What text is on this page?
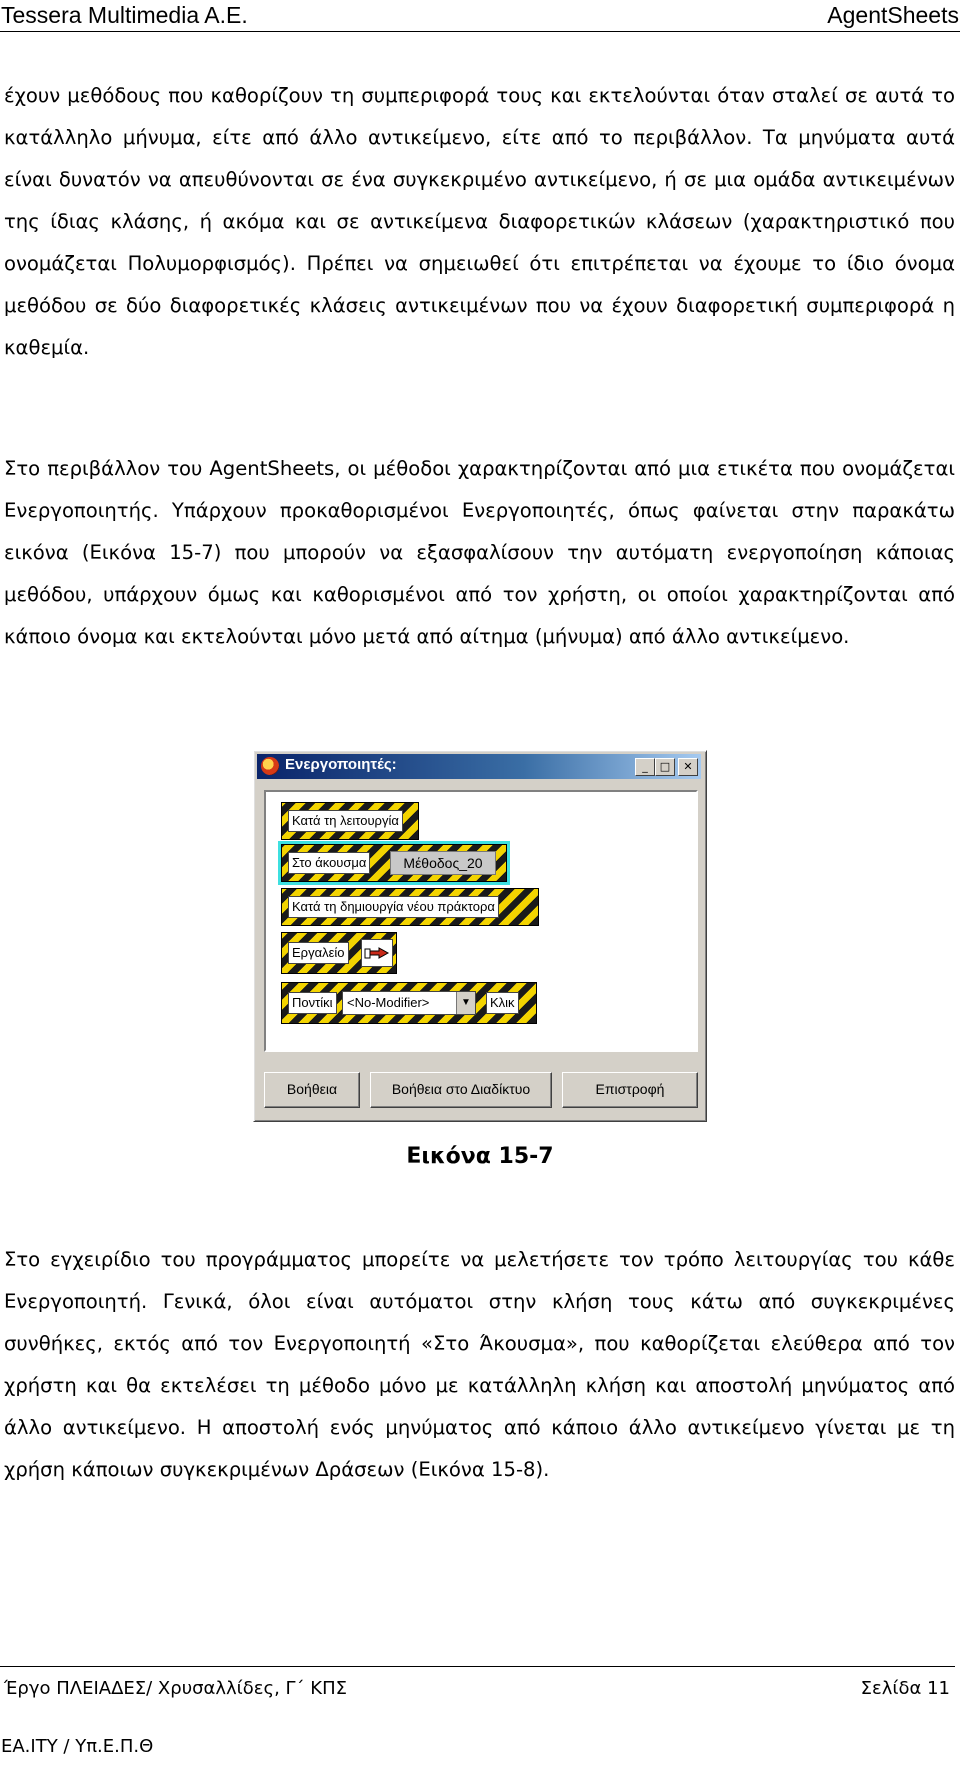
Tessera Multimedia A.E.	AgentSheets

έχουν μεθόδους που καθορίζουν τη συμπεριφορά τους και εκτελούνται όταν σταλεί σε αυτά το κατάλληλο μήνυμα, είτε από άλλο αντικείμενο, είτε από το περιβάλλον. Τα μηνύματα αυτά είναι δυνατόν να απευθύνονται σε ένα συγκεκριμένο αντικείμενο, ή σε μια ομάδα αντικειμένων της ίδιας κλάσης, ή ακόμα και σε αντικείμενα διαφορετικών κλάσεων (χαρακτηριστικό που ονομάζεται Πολυμορφισμός). Πρέπει να σημειωθεί ότι επιτρέπεται να έχουμε το ίδιο όνομα μεθόδου σε δύο διαφορετικές κλάσεις αντικειμένων που να έχουν διαφορετική συμπεριφορά η καθεμία.

Στο περιβάλλον του AgentSheets, οι μέθοδοι χαρακτηρίζονται από μια ετικέτα που ονομάζεται Ενεργοποιητής. Υπάρχουν προκαθορισμένοι Ενεργοποιητές, όπως φαίνεται στην παρακάτω εικόνα (Εικόνα 15-7) που μπορούν να εξασφαλίσουν την αυτόματη ενεργοποίηση κάποιας μεθόδου, υπάρχουν όμως και καθορισμένοι από τον χρήστη, οι οποίοι χαρακτηρίζονται από κάποιο όνομα και εκτελούνται μόνο μετά από αίτημα (μήνυμα) από άλλο αντικείμενο.

Ενεργοποιητές:	_	□	✕
Κατά τη λειτουργία
Στο άκουσμα	Μέθοδος_20
Κατά τη δημιουργία νέου πράκτορα
Εργαλείο
Ποντίκι	<No-Modifier>	▼	Κλικ
Βοήθεια	Βοήθεια στο Διαδίκτυο	Επιστροφή

Εικόνα 15-7

Στο εγχειρίδιο του προγράμματος μπορείτε να μελετήσετε τον τρόπο λειτουργίας του κάθε Ενεργοποιητή. Γενικά, όλοι είναι αυτόματοι στην κλήση τους κάτω από συγκεκριμένες συνθήκες, εκτός από τον Ενεργοποιητή «Στο Άκουσμα», που καθορίζεται ελεύθερα από τον χρήστη και θα εκτελέσει τη μέθοδο μόνο με κατάλληλη κλήση και αποστολή μηνύματος από άλλο αντικείμενο. Η αποστολή ενός μηνύματος από κάποιο άλλο αντικείμενο γίνεται με τη χρήση κάποιων συγκεκριμένων Δράσεων (Εικόνα 15-8).

Έργο ΠΛΕΙΑΔΕΣ/ Χρυσαλλίδες, Γ΄ ΚΠΣ	Σελίδα 11
ΕΑ.ΙΤΥ / Υπ.Ε.Π.Θ
